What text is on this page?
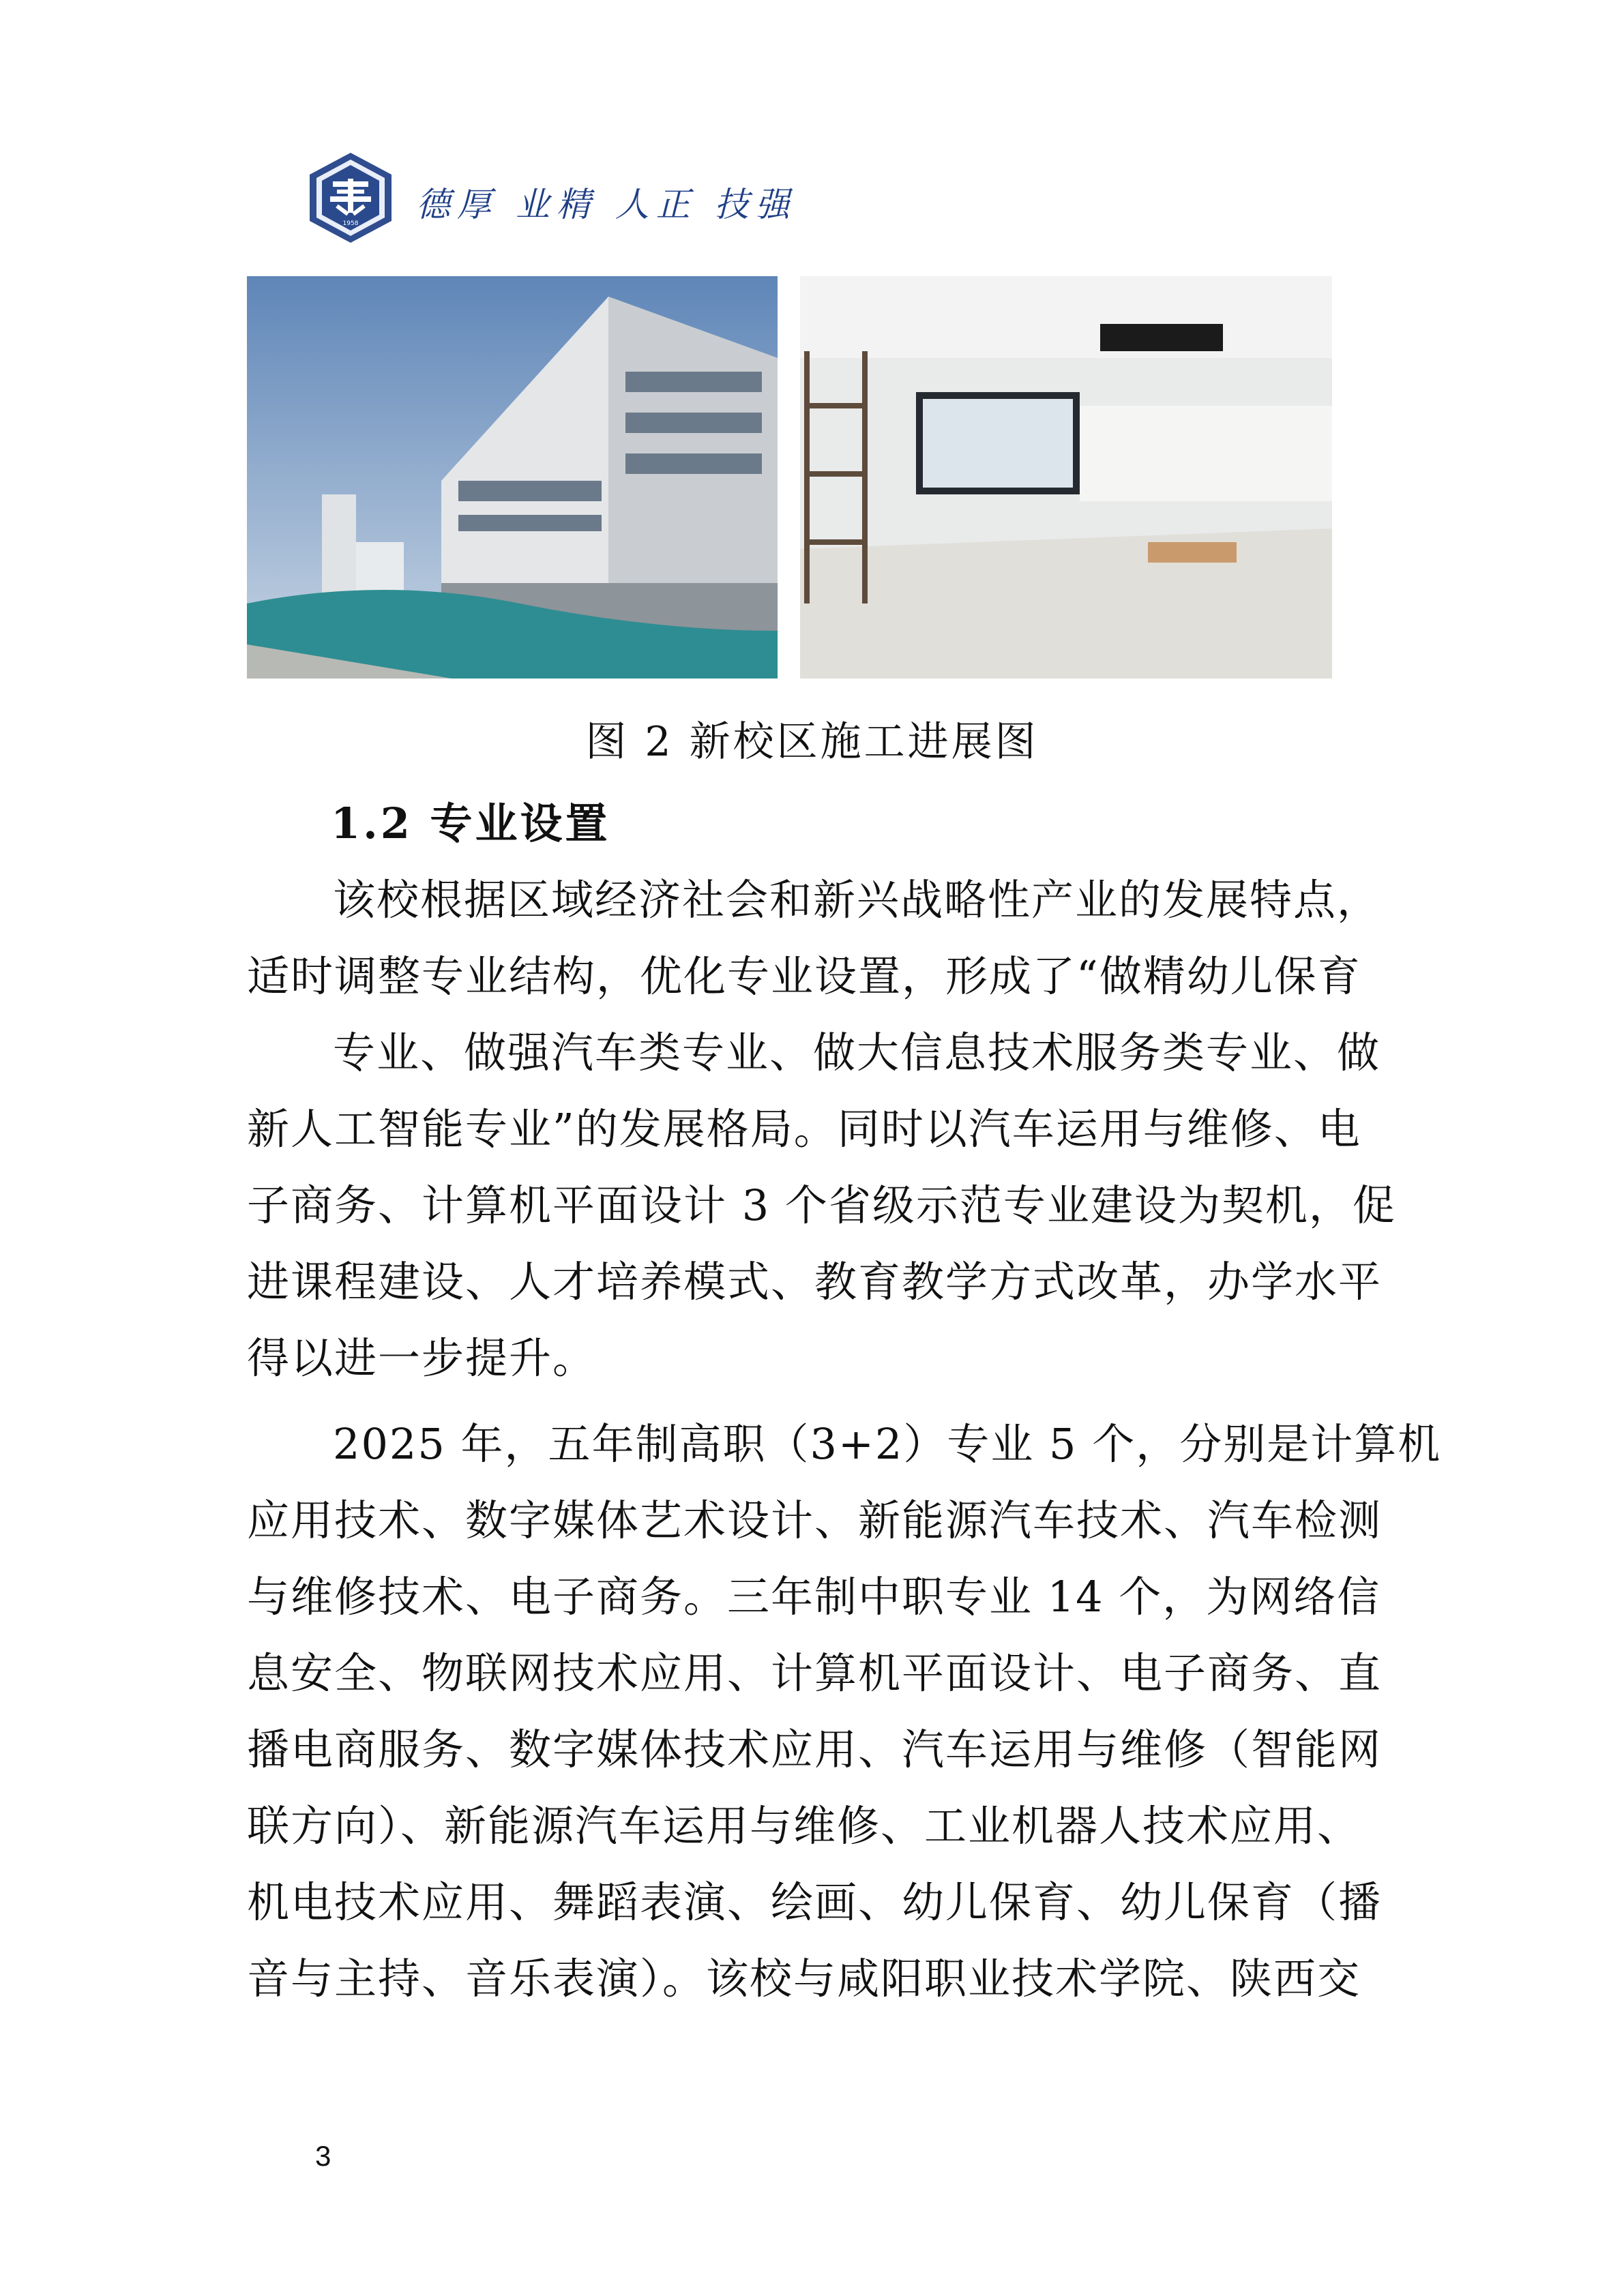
1958 德厚 业精 人正 技强
图 2 新校区施工进展图
1.2 专业设置
该校根据区域经济社会和新兴战略性产业的发展特点，
适时调整专业结构，优化专业设置，形成了“做精幼儿保育
专业、做强汽车类专业、做大信息技术服务类专业、做
新人工智能专业”的发展格局。同时以汽车运用与维修、电
子商务、计算机平面设计 3 个省级示范专业建设为契机，促
进课程建设、人才培养模式、教育教学方式改革，办学水平
得以进一步提升。
2025 年，五年制高职（3+2）专业 5 个，分别是计算机
应用技术、数字媒体艺术设计、新能源汽车技术、汽车检测
与维修技术、电子商务。三年制中职专业 14 个，为网络信
息安全、物联网技术应用、计算机平面设计、电子商务、直
播电商服务、数字媒体技术应用、汽车运用与维修（智能网
联方向）、新能源汽车运用与维修、工业机器人技术应用、
机电技术应用、舞蹈表演、绘画、幼儿保育、幼儿保育（播
音与主持、音乐表演）。该校与咸阳职业技术学院、陕西交
3
